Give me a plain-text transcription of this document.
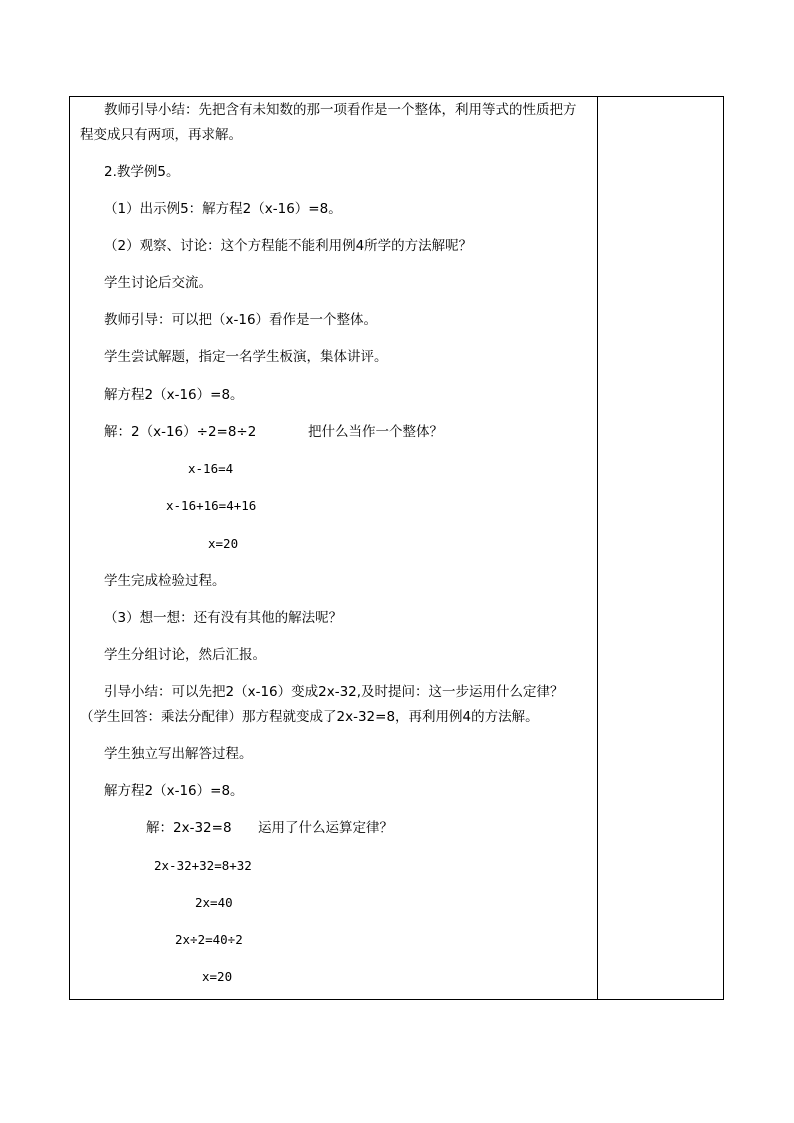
教师引导小结：先把含有未知数的那一项看作是一个整体，利用等式的性质把方
程变成只有两项，再求解。
2.教学例5。
（1）出示例5：解方程2（x-16）=8。
（2）观察、讨论：这个方程能不能利用例4所学的方法解呢？
学生讨论后交流。
教师引导：可以把（x-16）看作是一个整体。
学生尝试解题，指定一名学生板演，集体讲评。
解方程2（x-16）=8。
解：2（x-16）÷2=8÷2	把什么当作一个整体？
x-16=4
x-16+16=4+16
x=20
学生完成检验过程。
（3）想一想：还有没有其他的解法呢？
学生分组讨论，然后汇报。
引导小结：可以先把2（x-16）变成2x-32,及时提问：这一步运用什么定律？
（学生回答：乘法分配律）那方程就变成了2x-32=8，再利用例4的方法解。
学生独立写出解答过程。
解方程2（x-16）=8。
解：2x-32=8 运用了什么运算定律？
2x-32+32=8+32
2x=40
2x÷2=40÷2
x=20
